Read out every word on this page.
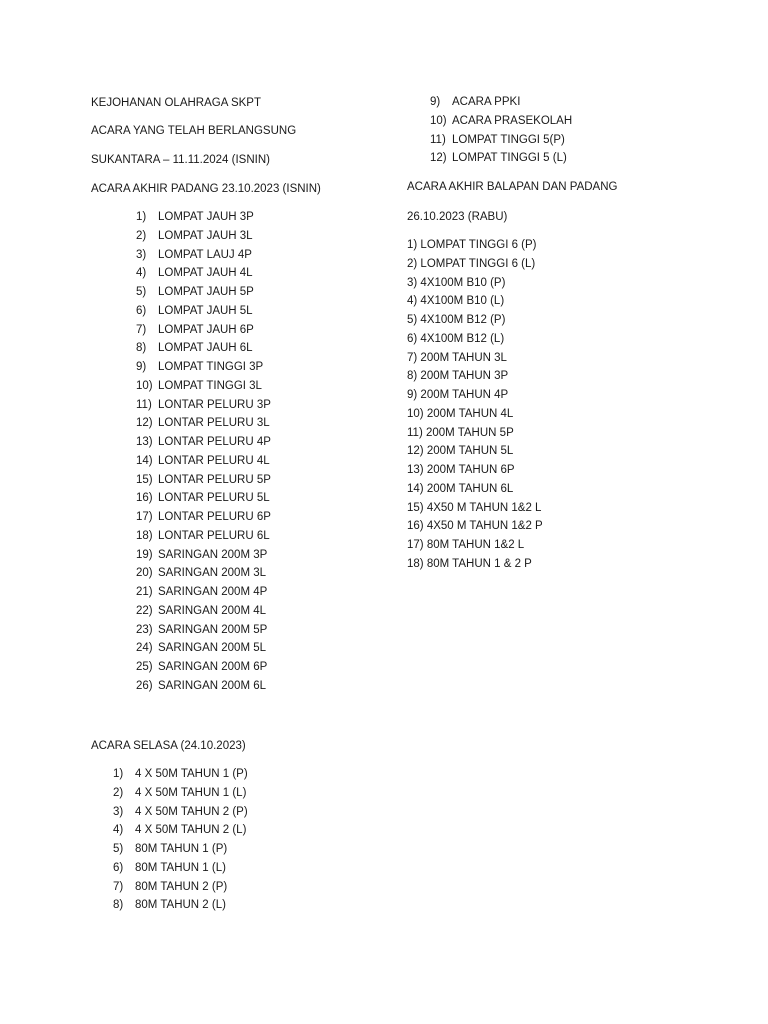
KEJOHANAN OLAHRAGA SKPT
ACARA YANG TELAH BERLANGSUNG
SUKANTARA – 11.11.2024 (ISNIN)
ACARA AKHIR PADANG 23.10.2023 (ISNIN)
1) LOMPAT JAUH 3P
2) LOMPAT JAUH 3L
3) LOMPAT LAUJ 4P
4) LOMPAT JAUH 4L
5) LOMPAT JAUH 5P
6) LOMPAT JAUH 5L
7) LOMPAT JAUH 6P
8) LOMPAT JAUH 6L
9) LOMPAT TINGGI 3P
10) LOMPAT TINGGI 3L
11) LONTAR PELURU 3P
12) LONTAR PELURU 3L
13) LONTAR PELURU 4P
14) LONTAR PELURU 4L
15) LONTAR PELURU 5P
16) LONTAR PELURU 5L
17) LONTAR PELURU 6P
18) LONTAR PELURU 6L
19) SARINGAN 200M 3P
20) SARINGAN 200M 3L
21) SARINGAN 200M 4P
22) SARINGAN 200M 4L
23) SARINGAN 200M 5P
24) SARINGAN 200M 5L
25) SARINGAN 200M 6P
26) SARINGAN 200M 6L
ACARA SELASA (24.10.2023)
1) 4 X 50M TAHUN 1 (P)
2) 4 X 50M TAHUN 1 (L)
3) 4 X 50M TAHUN 2 (P)
4) 4 X 50M TAHUN 2 (L)
5) 80M TAHUN 1 (P)
6) 80M TAHUN 1 (L)
7) 80M TAHUN 2 (P)
8) 80M TAHUN 2 (L)
9) ACARA PPKI
10) ACARA PRASEKOLAH
11) LOMPAT TINGGI 5(P)
12) LOMPAT TINGGI 5 (L)
ACARA AKHIR BALAPAN DAN PADANG
26.10.2023 (RABU)
1) LOMPAT TINGGI 6 (P)
2) LOMPAT TINGGI 6 (L)
3) 4X100M B10 (P)
4) 4X100M B10 (L)
5) 4X100M B12 (P)
6) 4X100M B12 (L)
7) 200M TAHUN 3L
8) 200M TAHUN 3P
9) 200M TAHUN 4P
10) 200M TAHUN 4L
11) 200M TAHUN 5P
12) 200M TAHUN 5L
13) 200M TAHUN 6P
14) 200M TAHUN 6L
15) 4X50 M TAHUN 1&2 L
16) 4X50 M TAHUN 1&2 P
17) 80M TAHUN 1&2 L
18) 80M TAHUN 1 & 2 P
